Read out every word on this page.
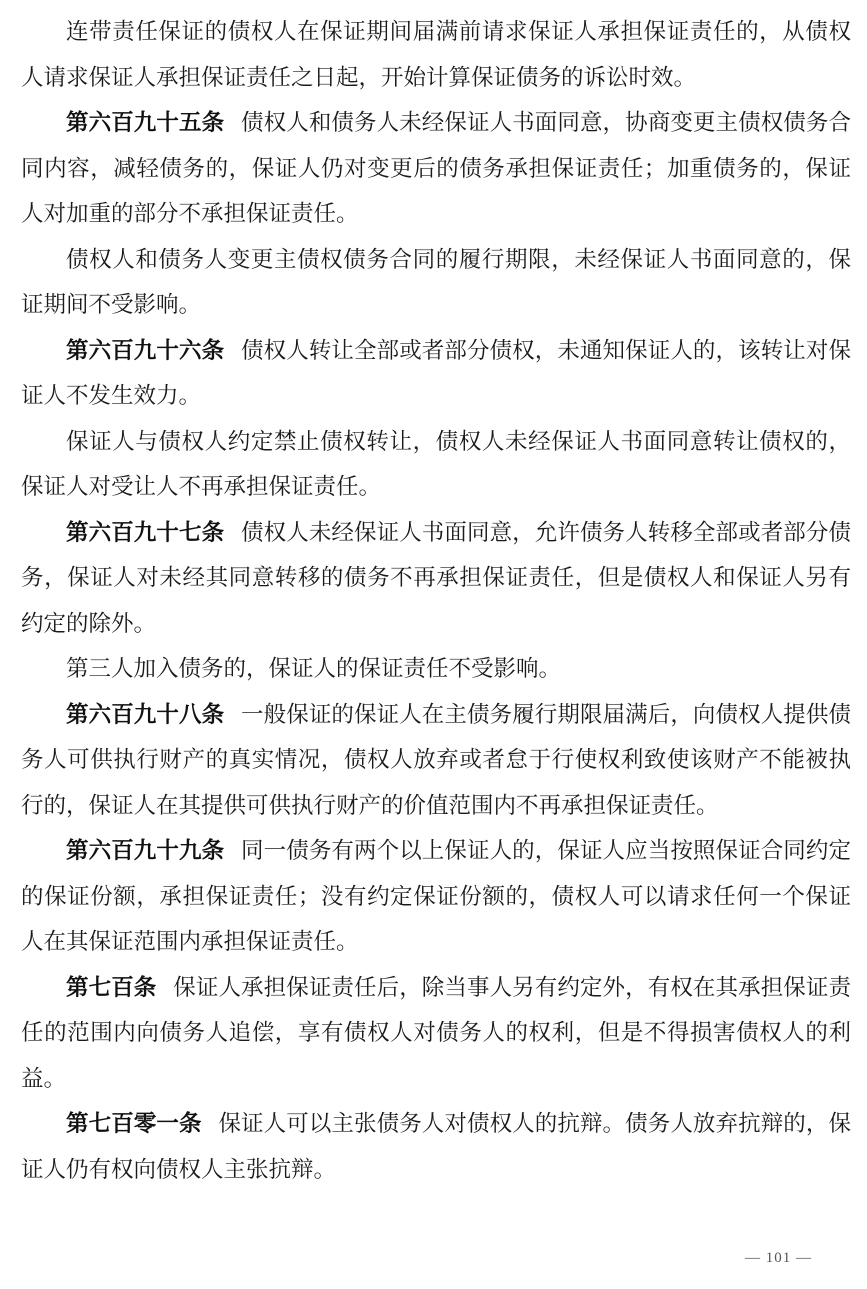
连带责任保证的债权人在保证期间届满前请求保证人承担保证责任的，从债权人请求保证人承担保证责任之日起，开始计算保证债务的诉讼时效。

第六百九十五条 债权人和债务人未经保证人书面同意，协商变更主债权债务合同内容，减轻债务的，保证人仍对变更后的债务承担保证责任；加重债务的，保证人对加重的部分不承担保证责任。

债权人和债务人变更主债权债务合同的履行期限，未经保证人书面同意的，保证期间不受影响。

第六百九十六条 债权人转让全部或者部分债权，未通知保证人的，该转让对保证人不发生效力。

保证人与债权人约定禁止债权转让，债权人未经保证人书面同意转让债权的，保证人对受让人不再承担保证责任。

第六百九十七条 债权人未经保证人书面同意，允许债务人转移全部或者部分债务，保证人对未经其同意转移的债务不再承担保证责任，但是债权人和保证人另有约定的除外。

第三人加入债务的，保证人的保证责任不受影响。

第六百九十八条 一般保证的保证人在主债务履行期限届满后，向债权人提供债务人可供执行财产的真实情况，债权人放弃或者怠于行使权利致使该财产不能被执行的，保证人在其提供可供执行财产的价值范围内不再承担保证责任。

第六百九十九条 同一债务有两个以上保证人的，保证人应当按照保证合同约定的保证份额，承担保证责任；没有约定保证份额的，债权人可以请求任何一个保证人在其保证范围内承担保证责任。

第七百条 保证人承担保证责任后，除当事人另有约定外，有权在其承担保证责任的范围内向债务人追偿，享有债权人对债务人的权利，但是不得损害债权人的利益。

第七百零一条 保证人可以主张债务人对债权人的抗辩。债务人放弃抗辩的，保证人仍有权向债权人主张抗辩。

— 101 —
